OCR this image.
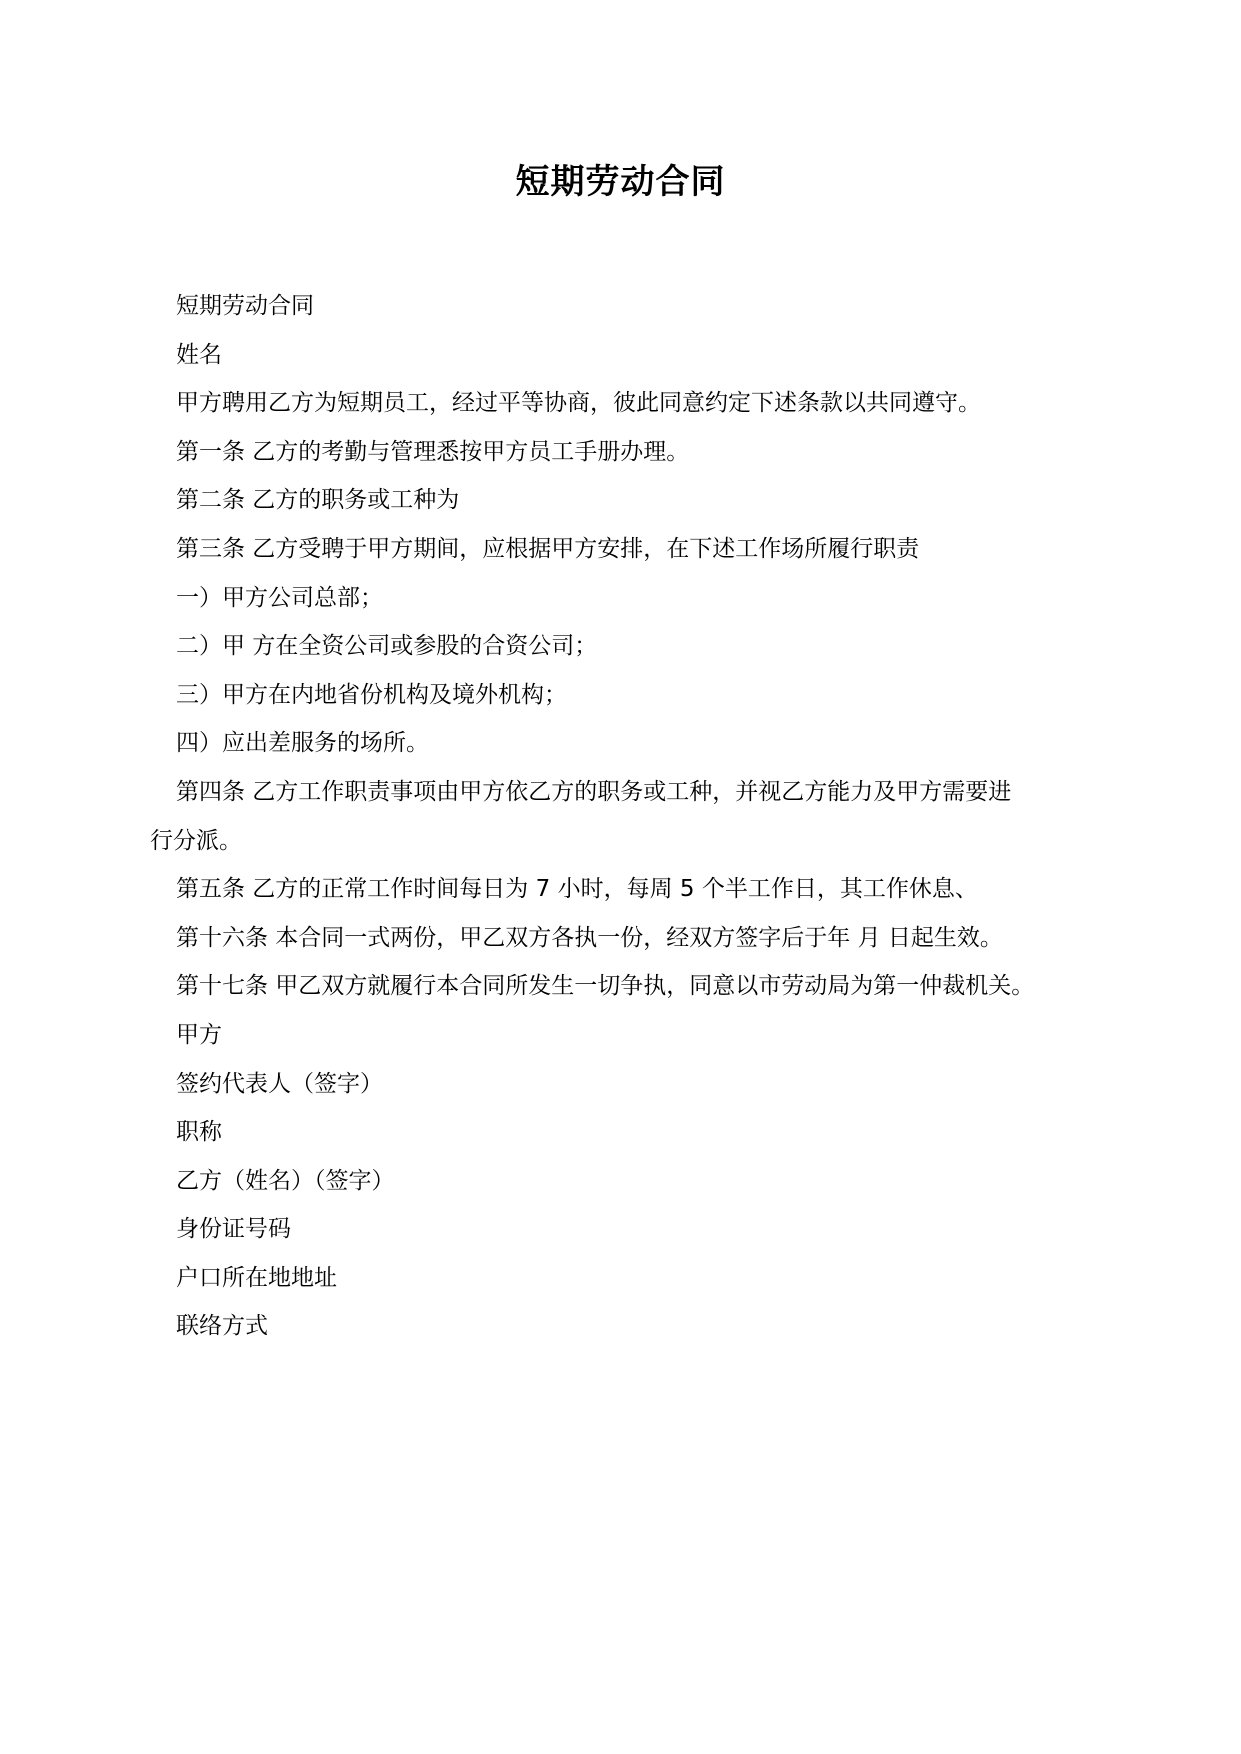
短期劳动合同

短期劳动合同

姓名

甲方聘用乙方为短期员工，经过平等协商，彼此同意约定下述条款以共同遵守。

第一条 乙方的考勤与管理悉按甲方员工手册办理。

第二条 乙方的职务或工种为

第三条 乙方受聘于甲方期间，应根据甲方安排，在下述工作场所履行职责

一）甲方公司总部；

二）甲 方在全资公司或参股的合资公司；

三）甲方在内地省份机构及境外机构；

四）应出差服务的场所。

第四条 乙方工作职责事项由甲方依乙方的职务或工种，并视乙方能力及甲方需要进

行分派。

第五条 乙方的正常工作时间每日为 7 小时，每周 5 个半工作日，其工作休息、

第十六条 本合同一式两份，甲乙双方各执一份，经双方签字后于年 月 日起生效。

第十七条 甲乙双方就履行本合同所发生一切争执，同意以市劳动局为第一仲裁机关。

甲方

签约代表人（签字）

职称

乙方（姓名）（签字）

身份证号码

户口所在地地址

联络方式
